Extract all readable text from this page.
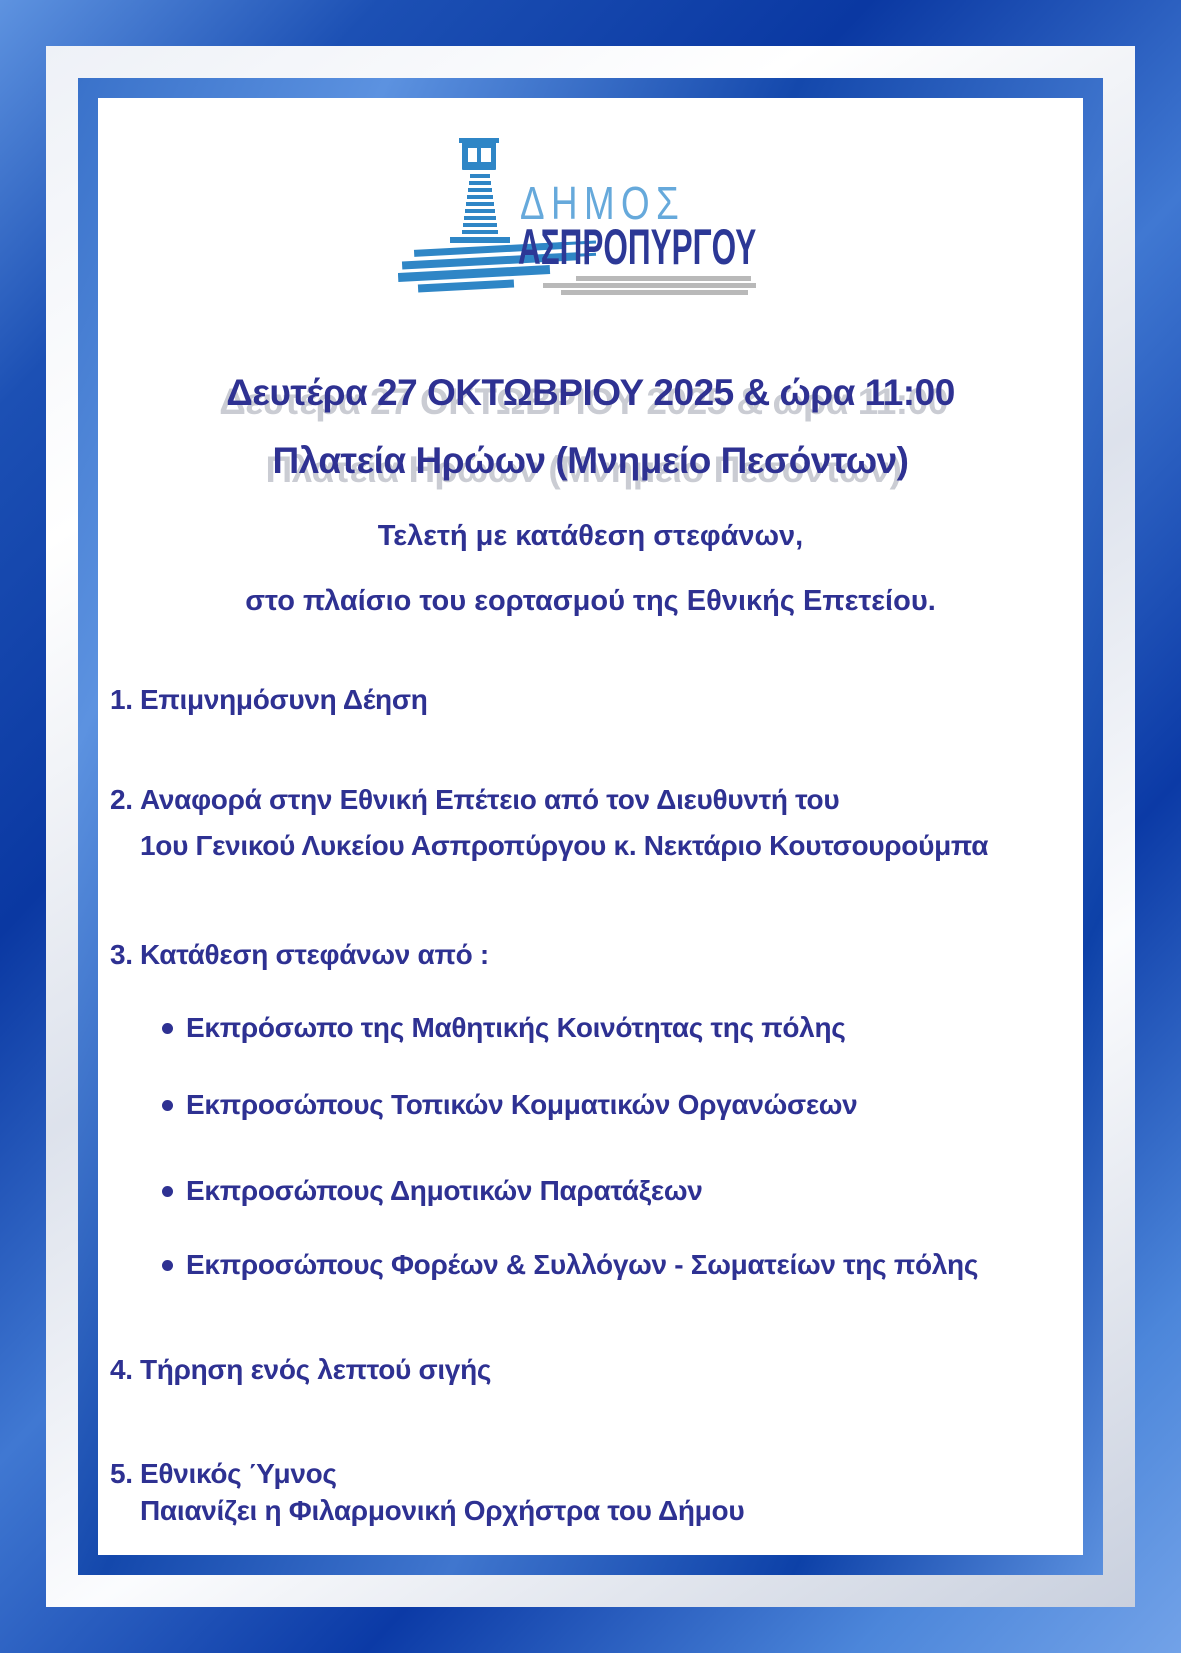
ΔΗΜΟΣ
ΑΣΠΡΟΠΥΡΓΟΥ
Δευτέρα 27 ΟΚΤΩΒΡΙΟΥ 2025 & ώρα 11:00
Πλατεία Ηρώων (Μνημείο Πεσόντων)
Τελετή με κατάθεση στεφάνων,
στο πλαίσιο του εορτασμού της Εθνικής Επετείου.
1. Επιμνημόσυνη Δέηση
2. Αναφορά στην Εθνική Επέτειο από τον Διευθυντή του
1ου Γενικού Λυκείου Ασπροπύργου κ. Νεκτάριο Κουτσουρούμπα
3. Κατάθεση στεφάνων από :
Εκπρόσωπο της Μαθητικής Κοινότητας της πόλης
Εκπροσώπους Τοπικών Κομματικών Οργανώσεων
Εκπροσώπους Δημοτικών Παρατάξεων
Εκπροσώπους Φορέων & Συλλόγων - Σωματείων της πόλης
4. Τήρηση ενός λεπτού σιγής
5. Εθνικός Ύμνος
Παιανίζει η Φιλαρμονική Ορχήστρα του Δήμου
